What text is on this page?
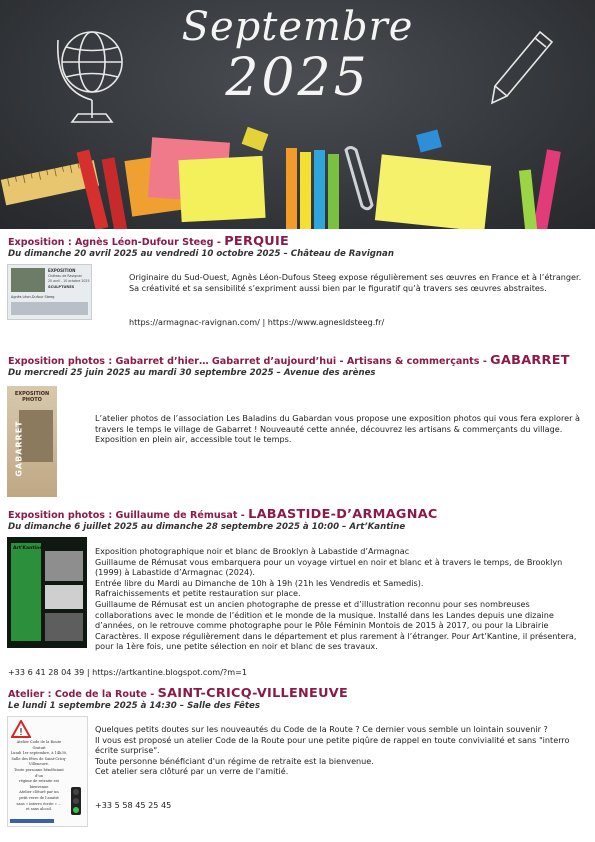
Septembre
2025
Exposition : Agnès Léon-Dufour Steeg - PERQUIE
Du dimanche 20 avril 2025 au vendredi 10 octobre 2025 – Château de Ravignan
EXPOSITION
Château de Ravignan
20 avril - 10 octobre 2025
SCULPTURES
Agnès Léon-Dufour Steeg

Originaire du Sud-Ouest, Agnès Léon-Dufous Steeg expose régulièrement ses œuvres en France et à l’étranger. Sa créativité et sa sensibilité s’expriment aussi bien par le figuratif qu’à travers ses œuvres abstraites.

https://armagnac-ravignan.com/ | https://www.agnesldsteeg.fr/
Exposition photos : Gabarret d’hier… Gabarret d’aujourd’hui - Artisans & commerçants - GABARRET
Du mercredi 25 juin 2025 au mardi 30 septembre 2025 – Avenue des arènes
EXPOSITION PHOTO
GABARRET

L’atelier photos de l’association Les Baladins du Gabardan vous propose une exposition photos qui vous fera explorer à travers le temps le village de Gabarret ! Nouveauté cette année, découvrez les artisans & commerçants du village.

Exposition en plein air, accessible tout le temps.

Exposition photos : Guillaume de Rémusat - LABASTIDE-D’ARMAGNAC
Du dimanche 6 juillet 2025 au dimanche 28 septembre 2025 à 10:00 – Art’Kantine
Art'Kantine	Exposition photographique noir et blanc de Brooklyn à Labastide d’Armagnac

Guillaume de Rémusat vous embarquera pour un voyage virtuel en noir et blanc et à travers le temps, de Brooklyn (1999) à Labastide d’Armagnac (2024).

Entrée libre du Mardi au Dimanche de 10h à 19h (21h les Vendredis et Samedis).

Rafraichissements et petite restauration sur place.

Guillaume de Rémusat est un ancien photographe de presse et d’illustration reconnu pour ses nombreuses collaborations avec le monde de l’édition et le monde de la musique. Installé dans les Landes depuis une dizaine d’années, on le retrouve comme photographe pour le Pôle Féminin Montois de 2015 à 2017, ou pour la Librairie Caractères. Il expose régulièrement dans le département et plus rarement à l’étranger. Pour Art’Kantine, il présentera, pour la 1ère fois, une petite sélection en noir et blanc de ses travaux.

+33 6 41 28 04 39 | https://artkantine.blogspot.com/?m=1
Atelier : Code de la Route - SAINT-CRICQ-VILLENEUVE
Le lundi 1 septembre 2025 à 14:30 – Salle des Fêtes
!
Atelier Code de la Route
Gratuit
Lundi 1er septembre, à 14h30,
Salle des fêtes de Saint-Cricq-
Villeneuve.
Toute personne bénéficiant d'un
régime de retraite est bienvenue
Atelier clôturé par un
petit verre de l'amitié
sans « interro écrite » ...
et sans alcool.

Quelques petits doutes sur les nouveautés du Code de la Route ? Ce dernier vous semble un lointain souvenir ?

Il vous est proposé un atelier Code de la Route pour une petite piqûre de rappel en toute convivialité et sans "interro écrite surprise".

Toute personne bénéficiant d'un régime de retraite est la bienvenue.

Cet atelier sera clôturé par un verre de l'amitié.

+33 5 58 45 25 45
